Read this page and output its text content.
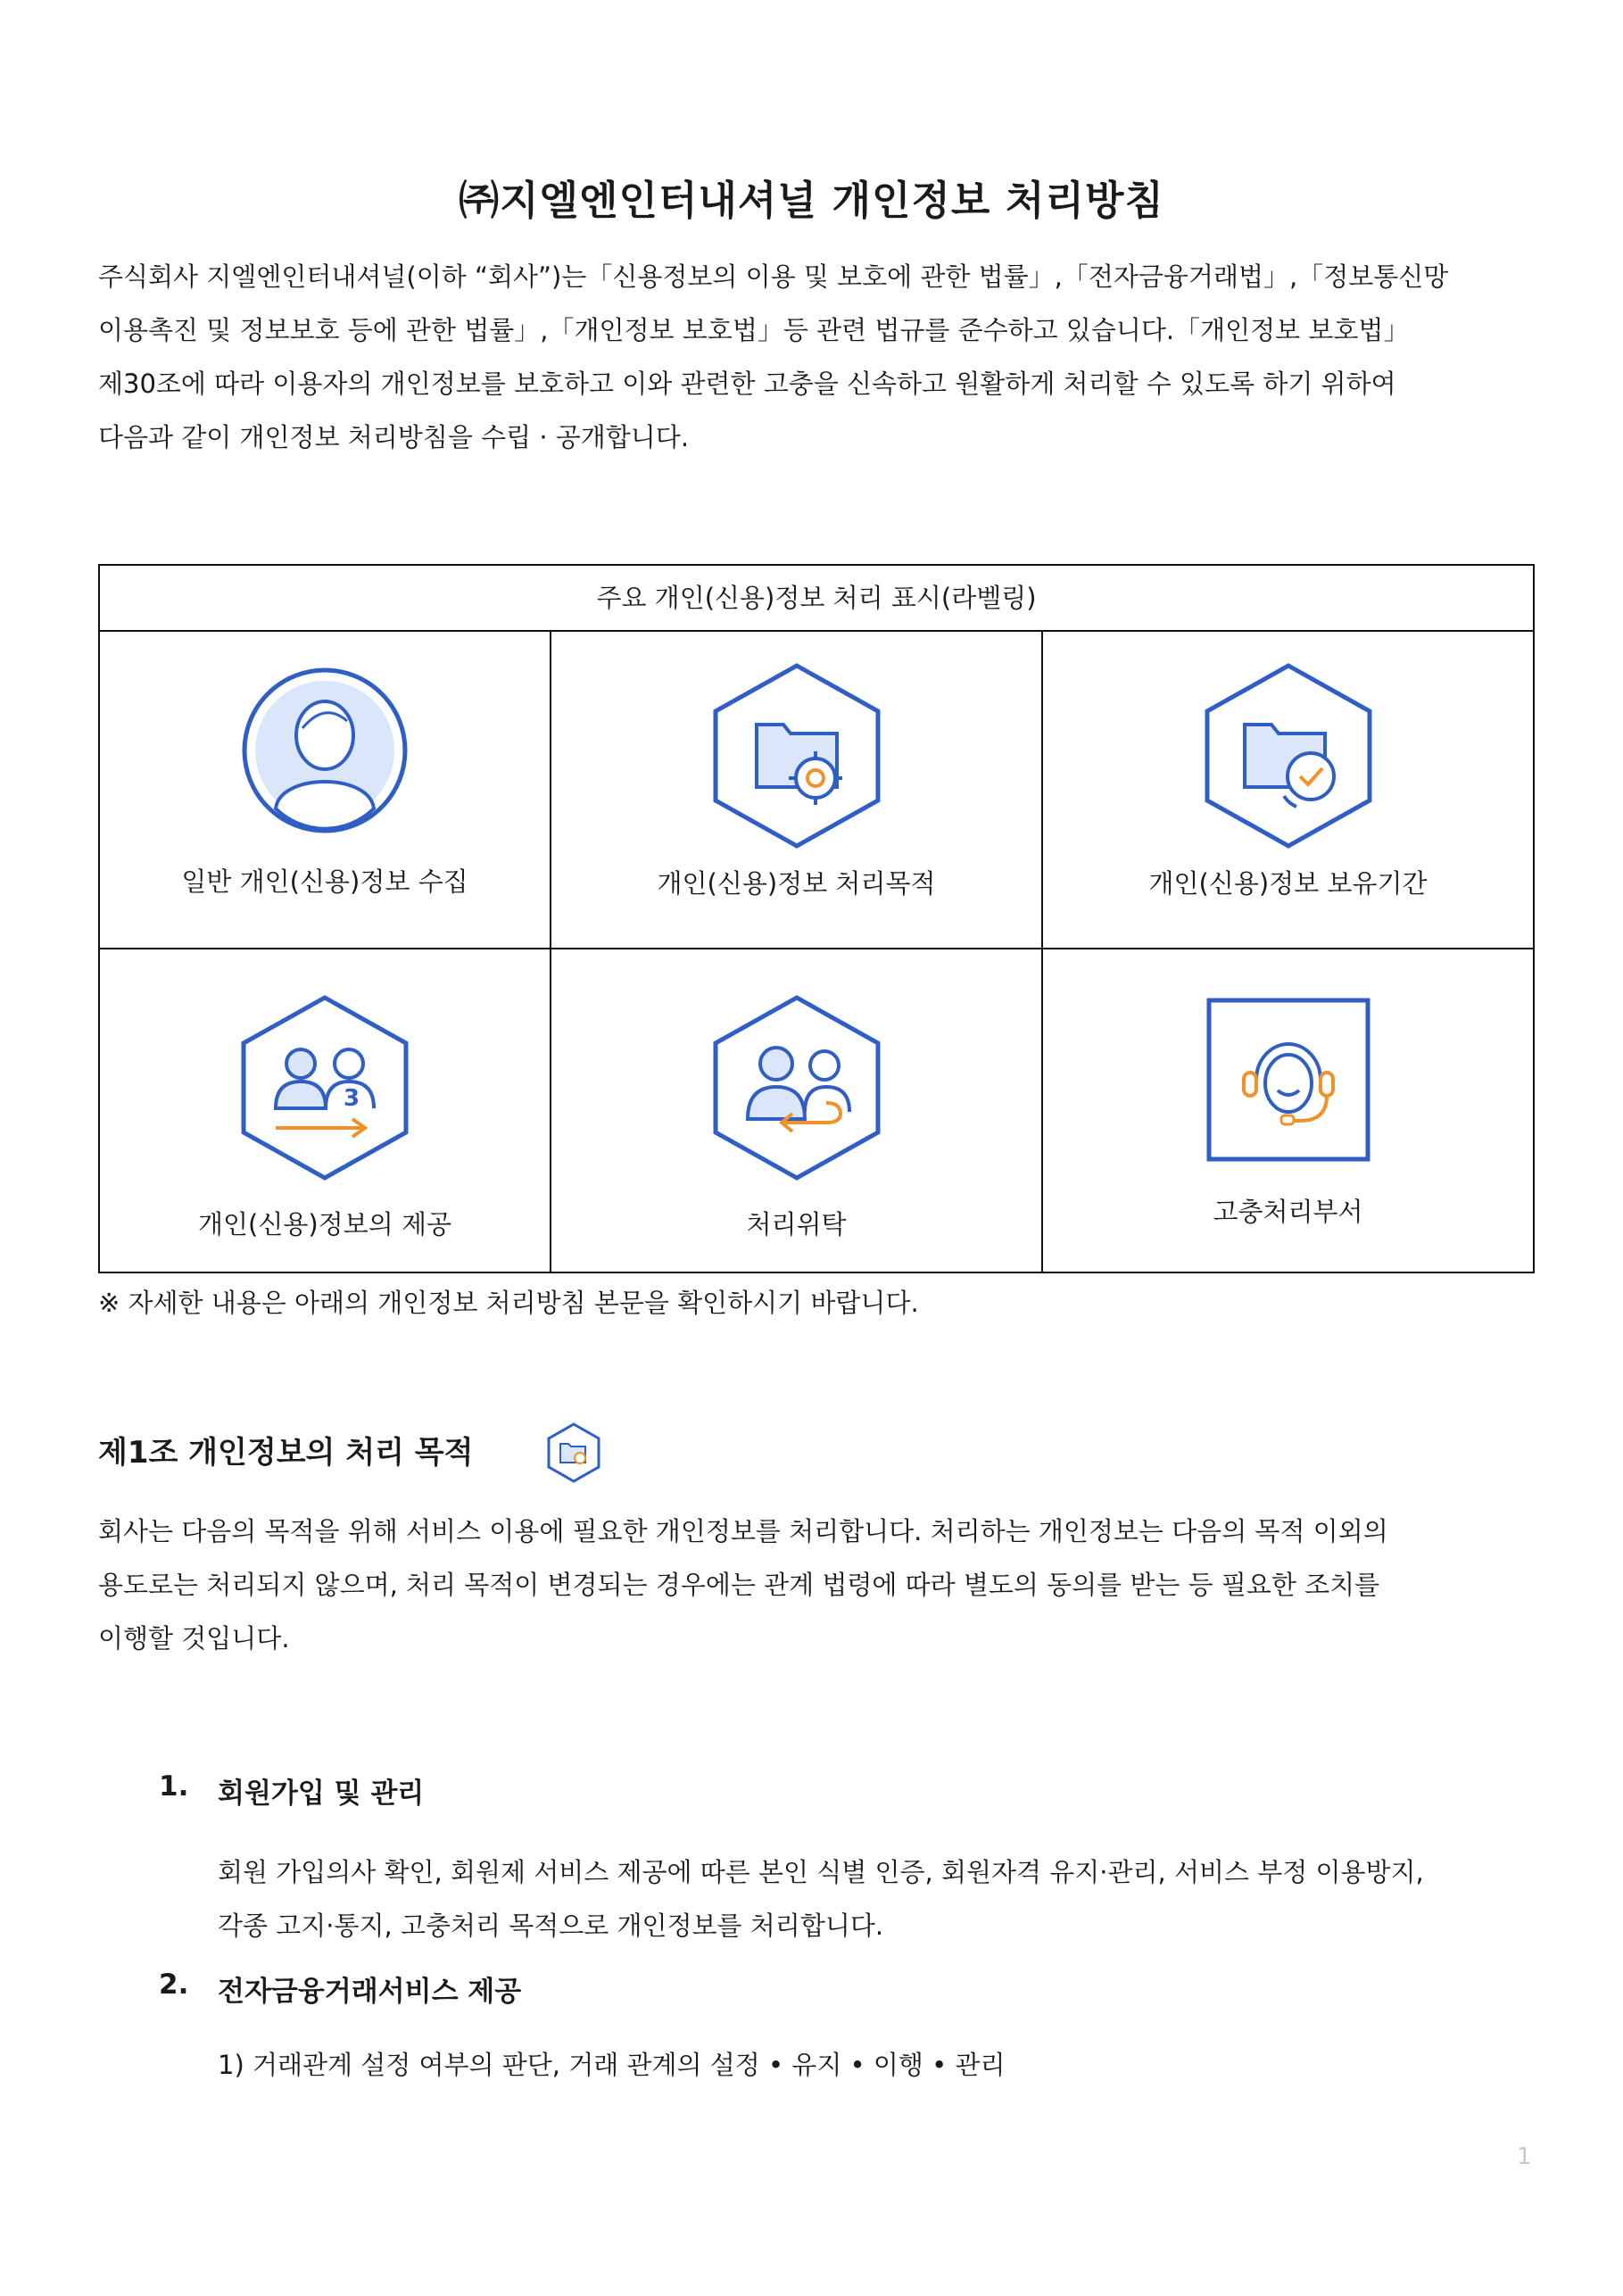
㈜지엘엔인터내셔널 개인정보 처리방침

주식회사 지엘엔인터내셔널(이하 “회사”)는「신용정보의 이용 및 보호에 관한 법률」,「전자금융거래법」,「정보통신망

이용촉진 및 정보보호 등에 관한 법률」,「개인정보 보호법」등 관련 법규를 준수하고 있습니다.「개인정보 보호법」

제30조에 따라 이용자의 개인정보를 보호하고 이와 관련한 고충을 신속하고 원활하게 처리할 수 있도록 하기 위하여

다음과 같이 개인정보 처리방침을 수립 · 공개합니다.

주요 개인(신용)정보 처리 표시(라벨링)
일반 개인(신용)정보 수집	개인(신용)정보 처리목적	개인(신용)정보 보유기간
3
개인(신용)정보의 제공	처리위탁	고충처리부서
※ 자세한 내용은 아래의 개인정보 처리방침 본문을 확인하시기 바랍니다.
제1조 개인정보의 처리 목적

회사는 다음의 목적을 위해 서비스 이용에 필요한 개인정보를 처리합니다. 처리하는 개인정보는 다음의 목적 이외의

용도로는 처리되지 않으며, 처리 목적이 변경되는 경우에는 관계 법령에 따라 별도의 동의를 받는 등 필요한 조치를

이행할 것입니다.

1. 회원가입 및 관리

회원 가입의사 확인, 회원제 서비스 제공에 따른 본인 식별 인증, 회원자격 유지·관리, 서비스 부정 이용방지,

각종 고지·통지, 고충처리 목적으로 개인정보를 처리합니다.

2. 전자금융거래서비스 제공
1) 거래관계 설정 여부의 판단, 거래 관계의 설정 • 유지 • 이행 • 관리
1
